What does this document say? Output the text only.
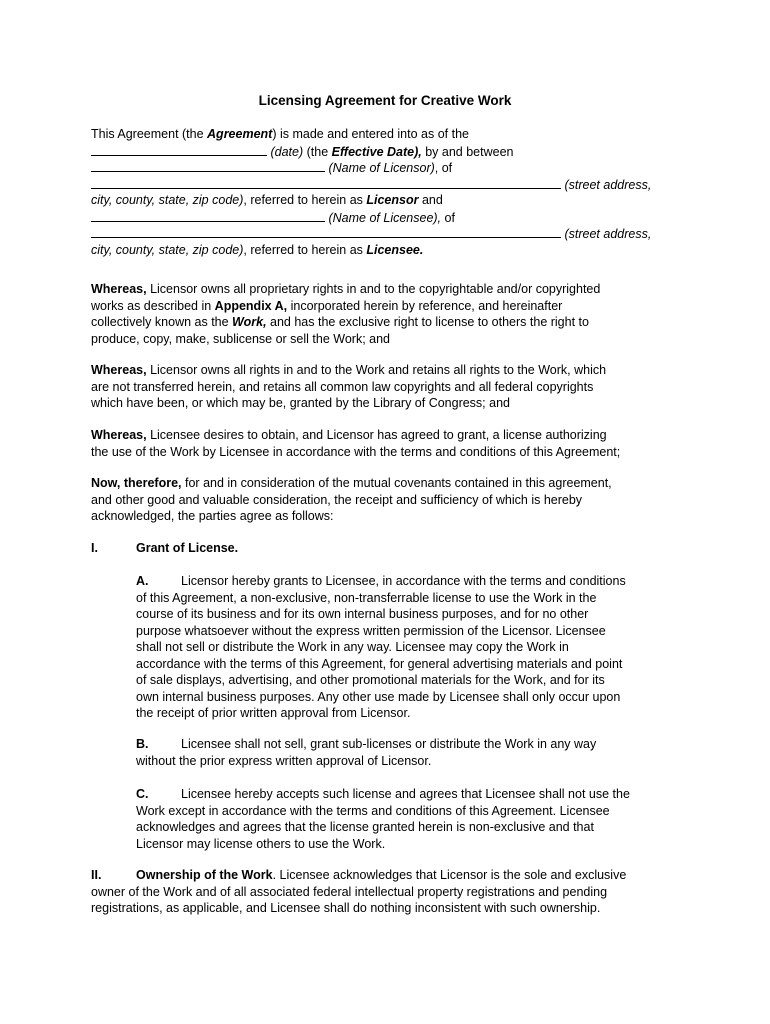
Licensing Agreement for Creative Work
This Agreement (the Agreement) is made and entered into as of the
(date) (the Effective Date), by and between
(Name of Licensor), of
(street address,
city, county, state, zip code), referred to herein as Licensor and
(Name of Licensee), of
(street address,
city, county, state, zip code), referred to herein as Licensee.

Whereas, Licensor owns all proprietary rights in and to the copyrightable and/or copyrighted

works as described in Appendix A, incorporated herein by reference, and hereinafter

collectively known as the Work, and has the exclusive right to license to others the right to

produce, copy, make, sublicense or sell the Work; and

Whereas, Licensor owns all rights in and to the Work and retains all rights to the Work, which

are not transferred herein, and retains all common law copyrights and all federal copyrights

which have been, or which may be, granted by the Library of Congress; and

Whereas, Licensee desires to obtain, and Licensor has agreed to grant, a license authorizing

the use of the Work by Licensee in accordance with the terms and conditions of this Agreement;

Now, therefore, for and in consideration of the mutual covenants contained in this agreement,

and other good and valuable consideration, the receipt and sufficiency of which is hereby

acknowledged, the parties agree as follows:

I.	Grant of License.

A.	Licensor hereby grants to Licensee, in accordance with the terms and conditions

of this Agreement, a non-exclusive, non-transferrable license to use the Work in the

course of its business and for its own internal business purposes, and for no other

purpose whatsoever without the express written permission of the Licensor. Licensee

shall not sell or distribute the Work in any way. Licensee may copy the Work in

accordance with the terms of this Agreement, for general advertising materials and point

of sale displays, advertising, and other promotional materials for the Work, and for its

own internal business purposes. Any other use made by Licensee shall only occur upon

the receipt of prior written approval from Licensor.

B.	Licensee shall not sell, grant sub-licenses or distribute the Work in any way

without the prior express written approval of Licensor.

C.	Licensee hereby accepts such license and agrees that Licensee shall not use the

Work except in accordance with the terms and conditions of this Agreement. Licensee

acknowledges and agrees that the license granted herein is non-exclusive and that

Licensor may license others to use the Work.

II.	Ownership of the Work. Licensee acknowledges that Licensor is the sole and exclusive

owner of the Work and of all associated federal intellectual property registrations and pending

registrations, as applicable, and Licensee shall do nothing inconsistent with such ownership.
